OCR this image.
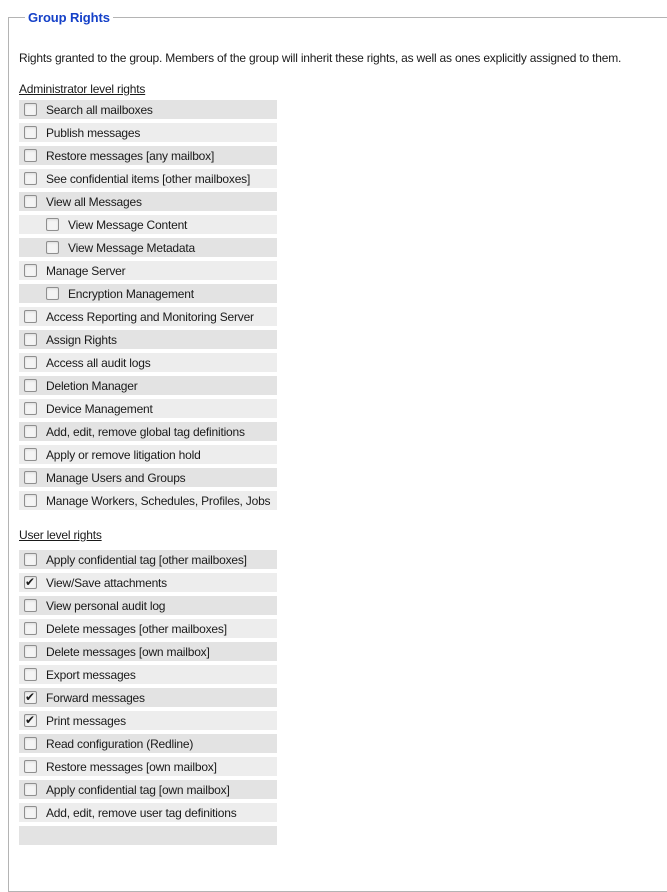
Group Rights
Rights granted to the group. Members of the group will inherit these rights, as well as ones explicitly assigned to them.
Administrator level rights
Search all mailboxes
Publish messages
Restore messages [any mailbox]
See confidential items [other mailboxes]
View all Messages
View Message Content
View Message Metadata
Manage Server
Encryption Management
Access Reporting and Monitoring Server
Assign Rights
Access all audit logs
Deletion Manager
Device Management
Add, edit, remove global tag definitions
Apply or remove litigation hold
Manage Users and Groups
Manage Workers, Schedules, Profiles, Jobs
User level rights
Apply confidential tag [other mailboxes]
✔
View/Save attachments
View personal audit log
Delete messages [other mailboxes]
Delete messages [own mailbox]
Export messages
✔
Forward messages
✔
Print messages
Read configuration (Redline)
Restore messages [own mailbox]
Apply confidential tag [own mailbox]
Add, edit, remove user tag definitions
